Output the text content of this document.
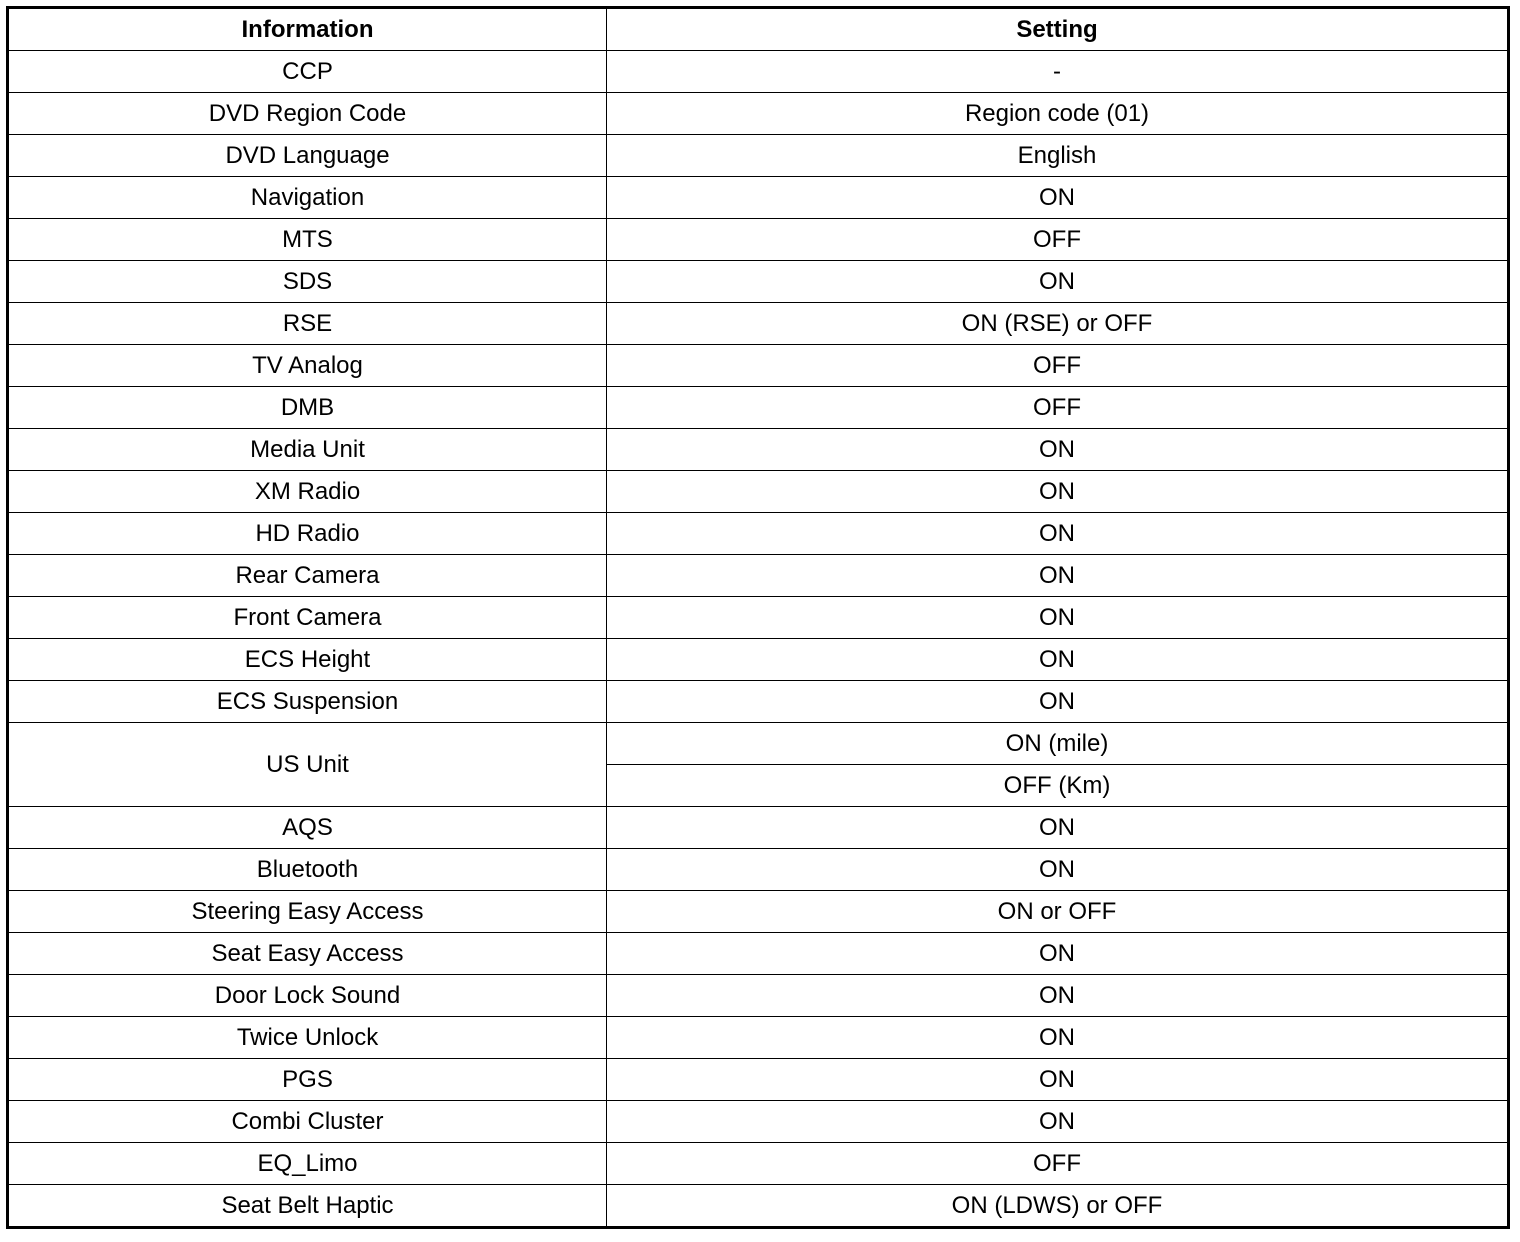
Information	Setting
CCP	-
DVD Region Code	Region code (01)
DVD Language	English
Navigation	ON
MTS	OFF
SDS	ON
RSE	ON (RSE) or OFF
TV Analog	OFF
DMB	OFF
Media Unit	ON
XM Radio	ON
HD Radio	ON
Rear Camera	ON
Front Camera	ON
ECS Height	ON
ECS Suspension	ON
US Unit	ON (mile)
	OFF (Km)
AQS	ON
Bluetooth	ON
Steering Easy Access	ON or OFF
Seat Easy Access	ON
Door Lock Sound	ON
Twice Unlock	ON
PGS	ON
Combi Cluster	ON
EQ_Limo	OFF
Seat Belt Haptic	ON (LDWS) or OFF
